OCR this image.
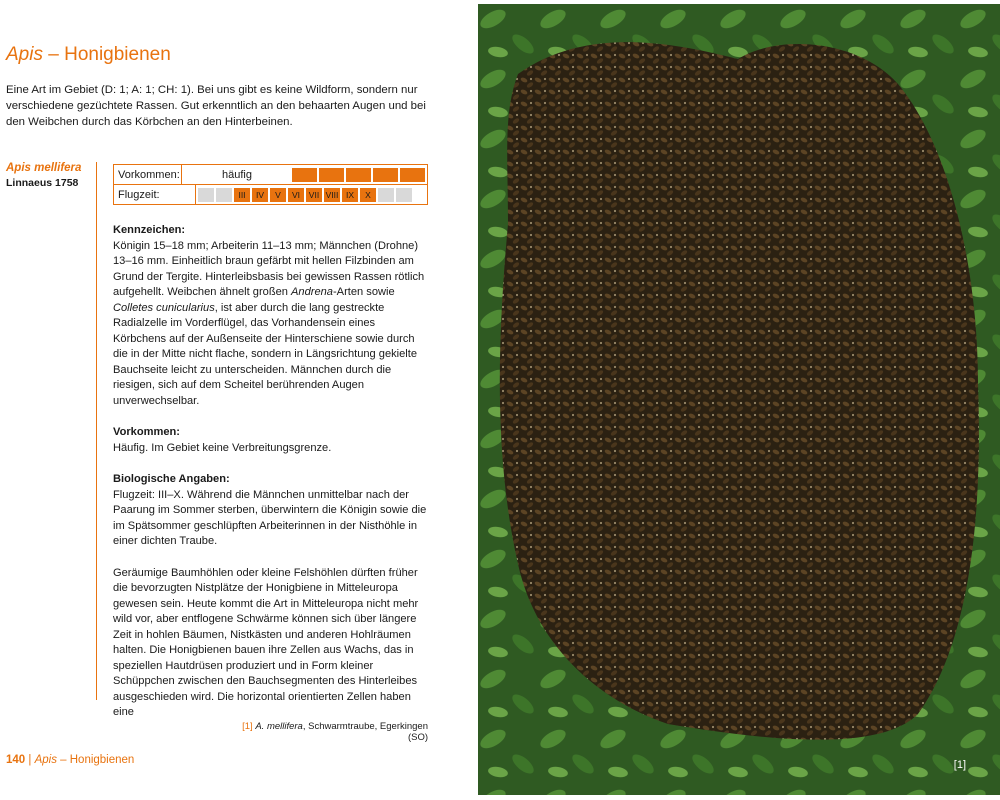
Apis – Honigbienen
Eine Art im Gebiet (D: 1; A: 1; CH: 1). Bei uns gibt es keine Wildform, sondern nur verschiedene gezüchtete Rassen. Gut erkenntlich an den behaarten Augen und bei den Weibchen durch das Körbchen an den Hinterbeinen.
Apis mellifera
Linnaeus 1758
Vorkommen:	häufig
Flugzeit:	III	IV	V	VI	VII VIII IX	X
Kennzeichen:

Königin 15–18 mm; Arbeiterin 11–13 mm; Männchen (Drohne) 13–16 mm. Einheitlich braun gefärbt mit hellen Filzbinden am Grund der Tergite. Hinterleibsbasis bei gewissen Rassen rötlich aufgehellt. Weibchen ähnelt großen Andrena-Arten sowie Colletes cunicularius, ist aber durch die lang gestreckte Radialzelle im Vorderflügel, das Vorhandensein eines Körbchens auf der Außenseite der Hinterschiene sowie durch die in der Mitte nicht flache, sondern in Längsrichtung gekielte Bauchseite leicht zu unterscheiden. Männchen durch die riesigen, sich auf dem Scheitel berührenden Augen unverwechselbar.

Vorkommen:

Häufig. Im Gebiet keine Verbreitungsgrenze.

Biologische Angaben:

Flugzeit: III–X. Während die Männchen unmittelbar nach der Paarung im Sommer sterben, überwintern die Königin sowie die im Spätsommer geschlüpften Arbeiterinnen in der Nisthöhle in einer dichten Traube.

Geräumige Baumhöhlen oder kleine Felshöhlen dürften früher die bevorzugten Nistplätze der Honigbiene in Mitteleuropa gewesen sein. Heute kommt die Art in Mitteleuropa nicht mehr wild vor, aber entflogene Schwärme können sich über längere Zeit in hohlen Bäumen, Nistkästen und anderen Hohlräumen halten. Die Honigbienen bauen ihre Zellen aus Wachs, das in speziellen Hautdrüsen produziert und in Form kleiner Schüppchen zwischen den Bauchsegmenten des Hinterleibes ausgeschieden wird. Die horizontal orientierten Zellen haben eine

[1] A. mellifera, Schwarmtraube, Egerkingen (SO)
140 | Apis – Honigbienen	[1]
